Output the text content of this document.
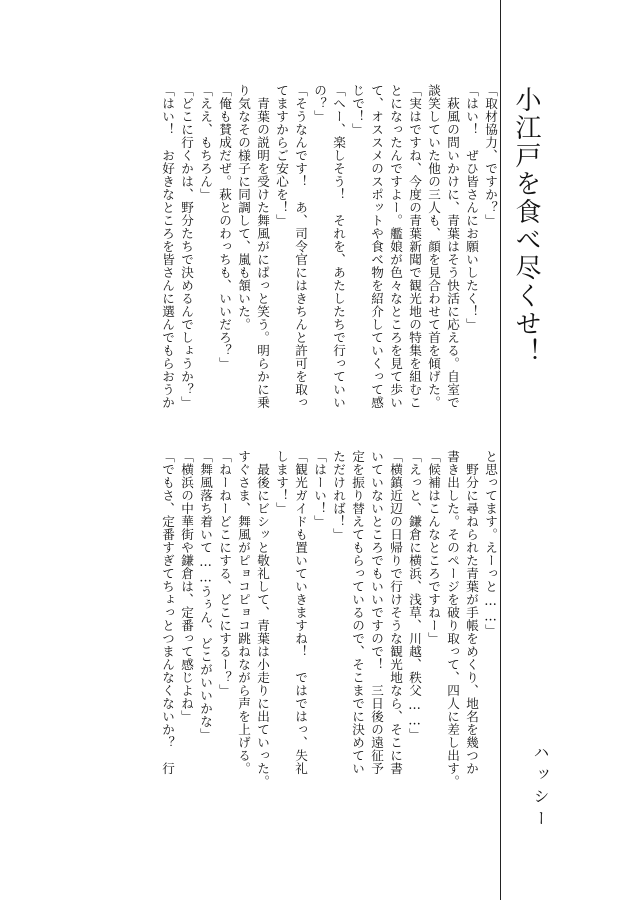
小江戸を食べ尽くせ！
ハッシー
「取材協力、ですか？」
「はい！　ぜひ皆さんにお願いしたく！」
　萩風の問いかけに、青葉はそう快活に応える。自室で
談笑していた他の三人も、顔を見合わせて首を傾げた。
「実はですね、今度の青葉新聞で観光地の特集を組むこ
とになったんですよー。艦娘が色々なところを見て歩い
て、オススメのスポットや食べ物を紹介していくって感
じで！」
「へー、楽しそう！　それを、あたしたちで行っていい
の？」
「そうなんです！　あ、司令官にはきちんと許可を取っ
てますからご安心を！」
　青葉の説明を受けた舞風がにぱっと笑う。明らかに乗
り気なその様子に同調して、嵐も頷いた。
「俺も賛成だぜ。萩とのわっちも、いいだろ？」
「ええ、もちろん」
「どこに行くかは、野分たちで決めるんでしょうか？」
「はい！　お好きなところを皆さんに選んでもらおうか
と思ってます。えーっと……」
　野分に尋ねられた青葉が手帳をめくり、地名を幾つか
書き出した。そのページを破り取って、四人に差し出す。
「候補はこんなところですねー」
「えっと、鎌倉に横浜、浅草、川越、秩父……」
「横鎮近辺の日帰りで行けそうな観光地なら、そこに書
いていないところでもいいですので！　三日後の遠征予
定を振り替えてもらっているので、そこまでに決めてい
ただければ！」
「はーい！」
「観光ガイドも置いていきますね！　ではではっ、失礼
します！」
　最後にビシッと敬礼して、青葉は小走りに出ていった。
すぐさま、舞風がピョコピョコ跳ねながら声を上げる。
「ねーねーどこにする、どこにするー？」
「舞風落ち着いて……うぅん、どこがいいかな」
「横浜の中華街や鎌倉は、定番って感じよね」
「でもさ、定番すぎてちょっとつまんなくないか？　行
